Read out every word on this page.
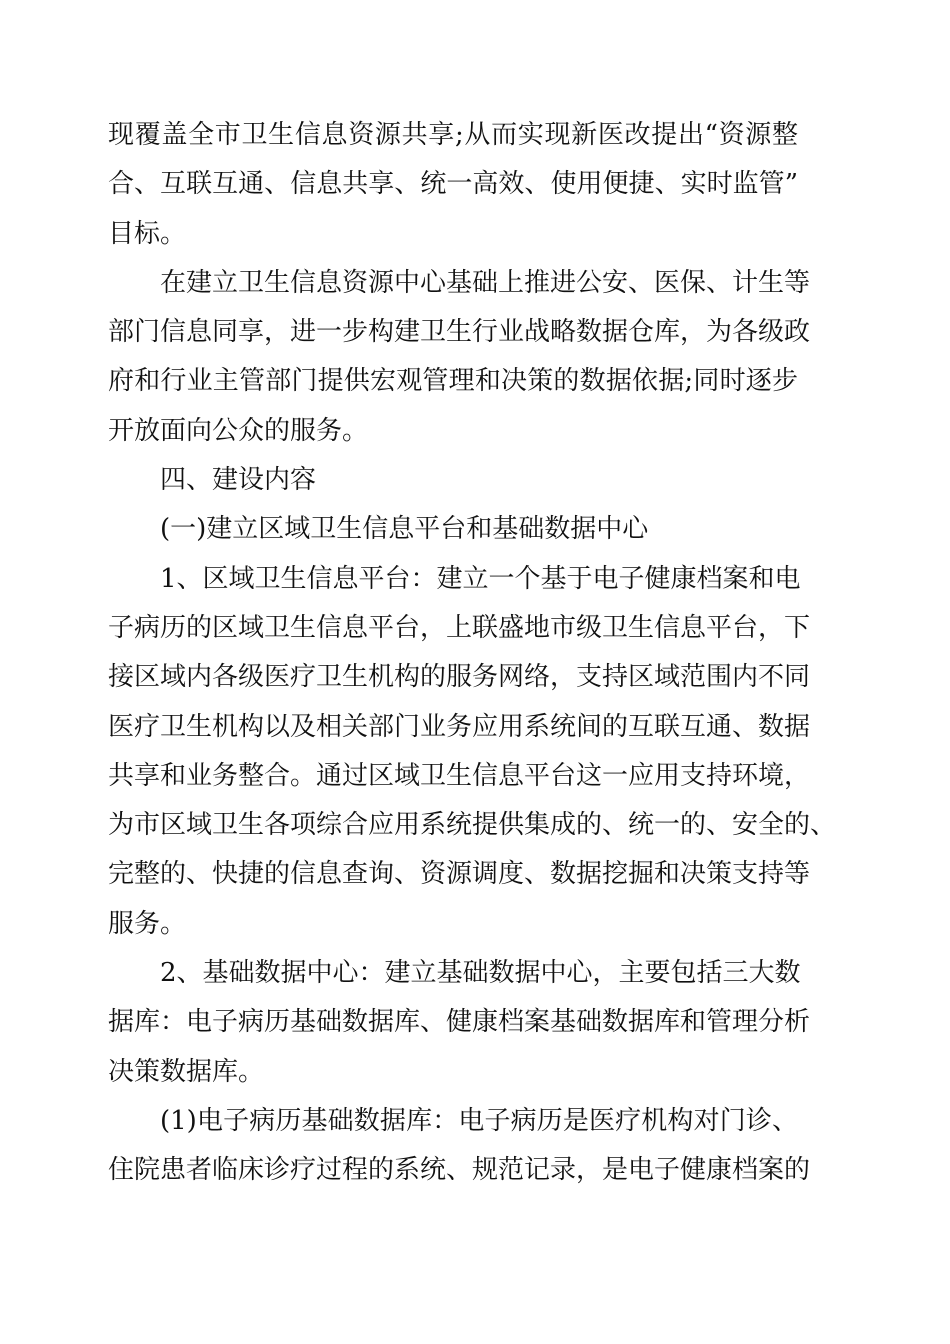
现覆盖全市卫生信息资源共享;从而实现新医改提出“资源整
合、互联互通、信息共享、统一高效、使用便捷、实时监管”
目标。
在建立卫生信息资源中心基础上推进公安、医保、计生等
部门信息同享，进一步构建卫生行业战略数据仓库，为各级政
府和行业主管部门提供宏观管理和决策的数据依据;同时逐步
开放面向公众的服务。
四、建设内容
(一)建立区域卫生信息平台和基础数据中心
1、区域卫生信息平台：建立一个基于电子健康档案和电
子病历的区域卫生信息平台，上联盛地市级卫生信息平台，下
接区域内各级医疗卫生机构的服务网络，支持区域范围内不同
医疗卫生机构以及相关部门业务应用系统间的互联互通、数据
共享和业务整合。通过区域卫生信息平台这一应用支持环境，
为市区域卫生各项综合应用系统提供集成的、统一的、安全的、
完整的、快捷的信息查询、资源调度、数据挖掘和决策支持等
服务。
2、基础数据中心：建立基础数据中心，主要包括三大数
据库：电子病历基础数据库、健康档案基础数据库和管理分析
决策数据库。
(1)电子病历基础数据库：电子病历是医疗机构对门诊、
住院患者临床诊疗过程的系统、规范记录，是电子健康档案的
